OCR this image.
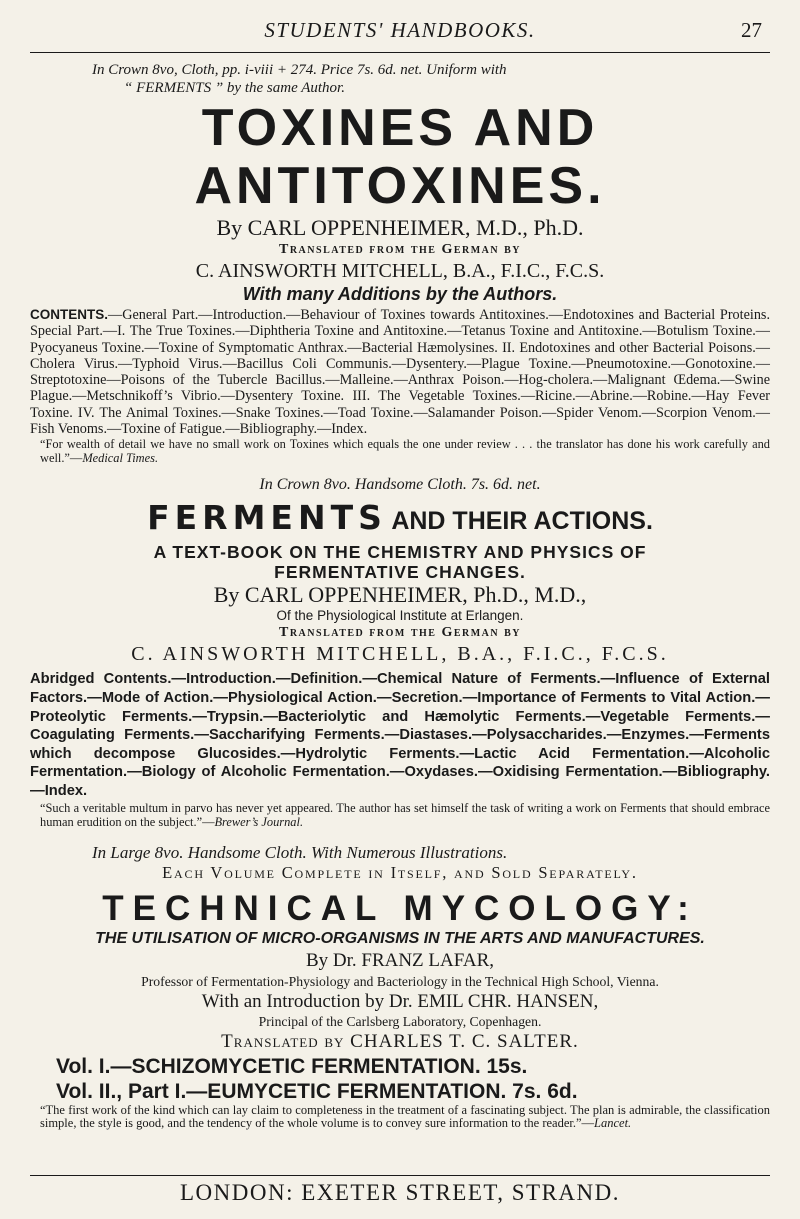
STUDENTS' HANDBOOKS.	27
In Crown 8vo, Cloth, pp. i-viii + 274. Price 7s. 6d. net. Uniform with
“ FERMENTS ” by the same Author.
TOXINES AND ANTITOXINES.
By CARL OPPENHEIMER, M.D., Ph.D.
Translated from the German by
C. AINSWORTH MITCHELL, B.A., F.I.C., F.C.S.
With many Additions by the Authors.
CONTENTS.—General Part.—Introduction.—Behaviour of Toxines towards Antitoxines.—Endotoxines and Bacterial Proteins. Special Part.—I. The True Toxines.—Diphtheria Toxine and Antitoxine.—Tetanus Toxine and Antitoxine.—Botulism Toxine.—Pyocyaneus Toxine.—Toxine of Symptomatic Anthrax.—Bacterial Hæmolysines. II. Endotoxines and other Bacterial Poisons.—Cholera Virus.—Typhoid Virus.—Bacillus Coli Communis.—Dysentery.—Plague Toxine.—Pneumotoxine.—Gonotoxine.—Streptotoxine—Poisons of the Tubercle Bacillus.—Malleine.—Anthrax Poison.—Hog-cholera.—Malignant Œdema.—Swine Plague.—Metschnikoff’s Vibrio.—Dysentery Toxine. III. The Vegetable Toxines.—Ricine.—Abrine.—Robine.—Hay Fever Toxine. IV. The Animal Toxines.—Snake Toxines.—Toad Toxine.—Salamander Poison.—Spider Venom.—Scorpion Venom.—Fish Venoms.—Toxine of Fatigue.—Bibliography.—Index.
“For wealth of detail we have no small work on Toxines which equals the one under review . . . the translator has done his work carefully and well.”—Medical Times.
In Crown 8vo. Handsome Cloth. 7s. 6d. net.
FERMENTS AND THEIR ACTIONS.
A TEXT-BOOK ON THE CHEMISTRY AND PHYSICS OF
FERMENTATIVE CHANGES.
By CARL OPPENHEIMER, Ph.D., M.D.,
Of the Physiological Institute at Erlangen.
Translated from the German by
C. AINSWORTH MITCHELL, B.A., F.I.C., F.C.S.
Abridged Contents.—Introduction.—Definition.—Chemical Nature of Ferments.—Influence of External Factors.—Mode of Action.—Physiological Action.—Secretion.—Importance of Ferments to Vital Action.—Proteolytic Ferments.—Trypsin.—Bacteriolytic and Hæmolytic Ferments.—Vegetable Ferments.—Coagulating Ferments.—Saccharifying Ferments.—Diastases.—Polysaccharides.—Enzymes.—Ferments which decompose Glucosides.—Hydrolytic Ferments.—Lactic Acid Fermentation.—Alcoholic Fermentation.—Biology of Alcoholic Fermentation.—Oxydases.—Oxidising Fermentation.—Bibliography.—Index.
“Such a veritable multum in parvo has never yet appeared. The author has set himself the task of writing a work on Ferments that should embrace human erudition on the subject.”—Brewer’s Journal.
In Large 8vo. Handsome Cloth. With Numerous Illustrations.
Each Volume Complete in Itself, and Sold Separately.
TECHNICAL MYCOLOGY:
THE UTILISATION OF MICRO-ORGANISMS IN THE ARTS AND MANUFACTURES.
By Dr. FRANZ LAFAR,
Professor of Fermentation-Physiology and Bacteriology in the Technical High School, Vienna.
With an Introduction by Dr. EMIL CHR. HANSEN,
Principal of the Carlsberg Laboratory, Copenhagen.
Translated by CHARLES T. C. SALTER.
Vol. I.—SCHIZOMYCETIC FERMENTATION. 15s.
Vol. II., Part I.—EUMYCETIC FERMENTATION. 7s. 6d.
“The first work of the kind which can lay claim to completeness in the treatment of a fascinating subject. The plan is admirable, the classification simple, the style is good, and the tendency of the whole volume is to convey sure information to the reader.”—Lancet.
LONDON: EXETER STREET, STRAND.
